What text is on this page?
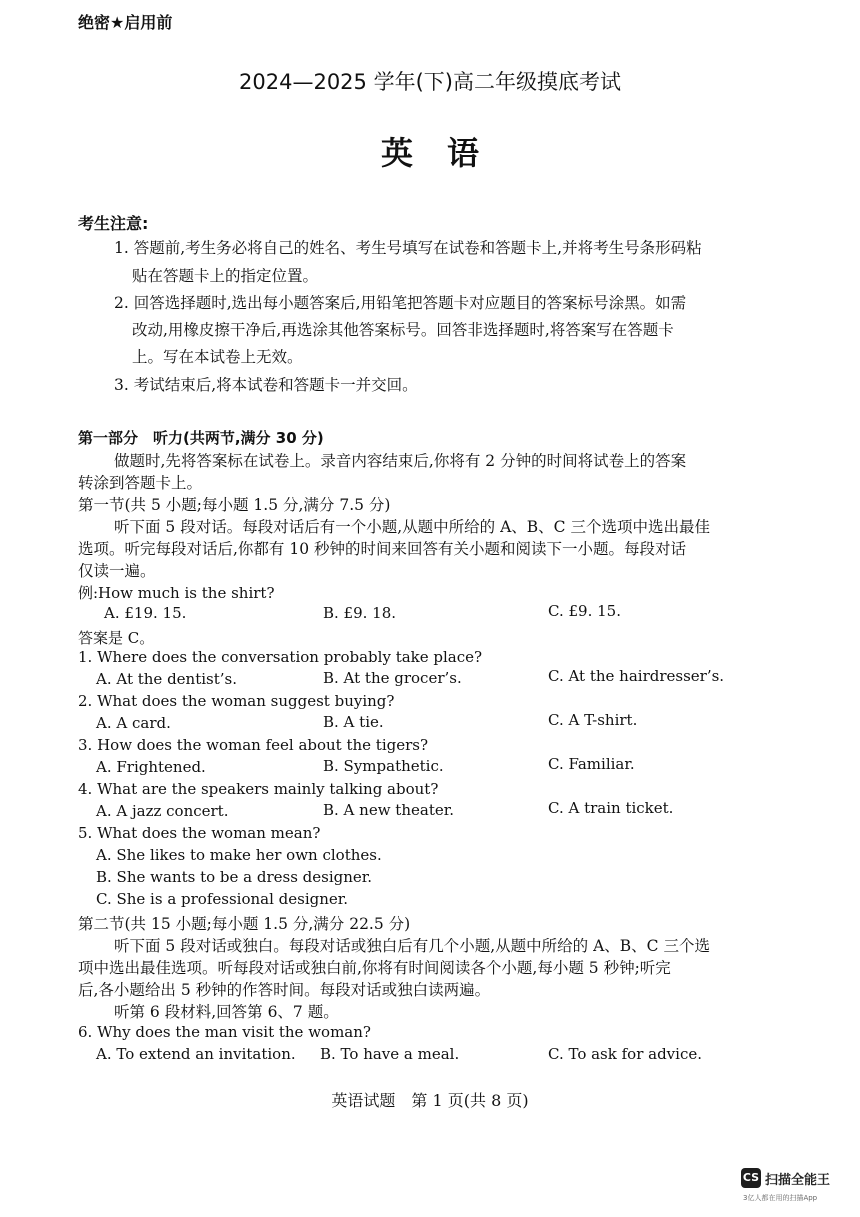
绝密★启用前
2024—2025 学年(下)高二年级摸底考试
英语
考生注意:
1. 答题前,考生务必将自己的姓名、考生号填写在试卷和答题卡上,并将考生号条形码粘
贴在答题卡上的指定位置。
2. 回答选择题时,选出每小题答案后,用铅笔把答题卡对应题目的答案标号涂黑。如需
改动,用橡皮擦干净后,再选涂其他答案标号。回答非选择题时,将答案写在答题卡
上。写在本试卷上无效。
3. 考试结束后,将本试卷和答题卡一并交回。
第一部分　听力(共两节,满分 30 分)
做题时,先将答案标在试卷上。录音内容结束后,你将有 2 分钟的时间将试卷上的答案
转涂到答题卡上。
第一节(共 5 小题;每小题 1.5 分,满分 7.5 分)
听下面 5 段对话。每段对话后有一个小题,从题中所给的 A、B、C 三个选项中选出最佳
选项。听完每段对话后,你都有 10 秒钟的时间来回答有关小题和阅读下一小题。每段对话
仅读一遍。
例:How much is the shirt?
A. £19. 15.	B. £9. 18.	C. £9. 15.
答案是 C。
1. Where does the conversation probably take place?
A. At the dentist’s.	B. At the grocer’s.	C. At the hairdresser’s.
2. What does the woman suggest buying?
A. A card.	B. A tie.	C. A T-shirt.
3. How does the woman feel about the tigers?
A. Frightened.	B. Sympathetic.	C. Familiar.
4. What are the speakers mainly talking about?
A. A jazz concert.	B. A new theater.	C. A train ticket.
5. What does the woman mean?
A. She likes to make her own clothes.
B. She wants to be a dress designer.
C. She is a professional designer.
第二节(共 15 小题;每小题 1.5 分,满分 22.5 分)
听下面 5 段对话或独白。每段对话或独白后有几个小题,从题中所给的 A、B、C 三个选
项中选出最佳选项。听每段对话或独白前,你将有时间阅读各个小题,每小题 5 秒钟;听完
后,各小题给出 5 秒钟的作答时间。每段对话或独白读两遍。
听第 6 段材料,回答第 6、7 题。
6. Why does the man visit the woman?
A. To extend an invitation. B. To have a meal.	C. To ask for advice.
英语试题　第 1 页(共 8 页)
CS 扫描全能王
3亿人都在用的扫描App
